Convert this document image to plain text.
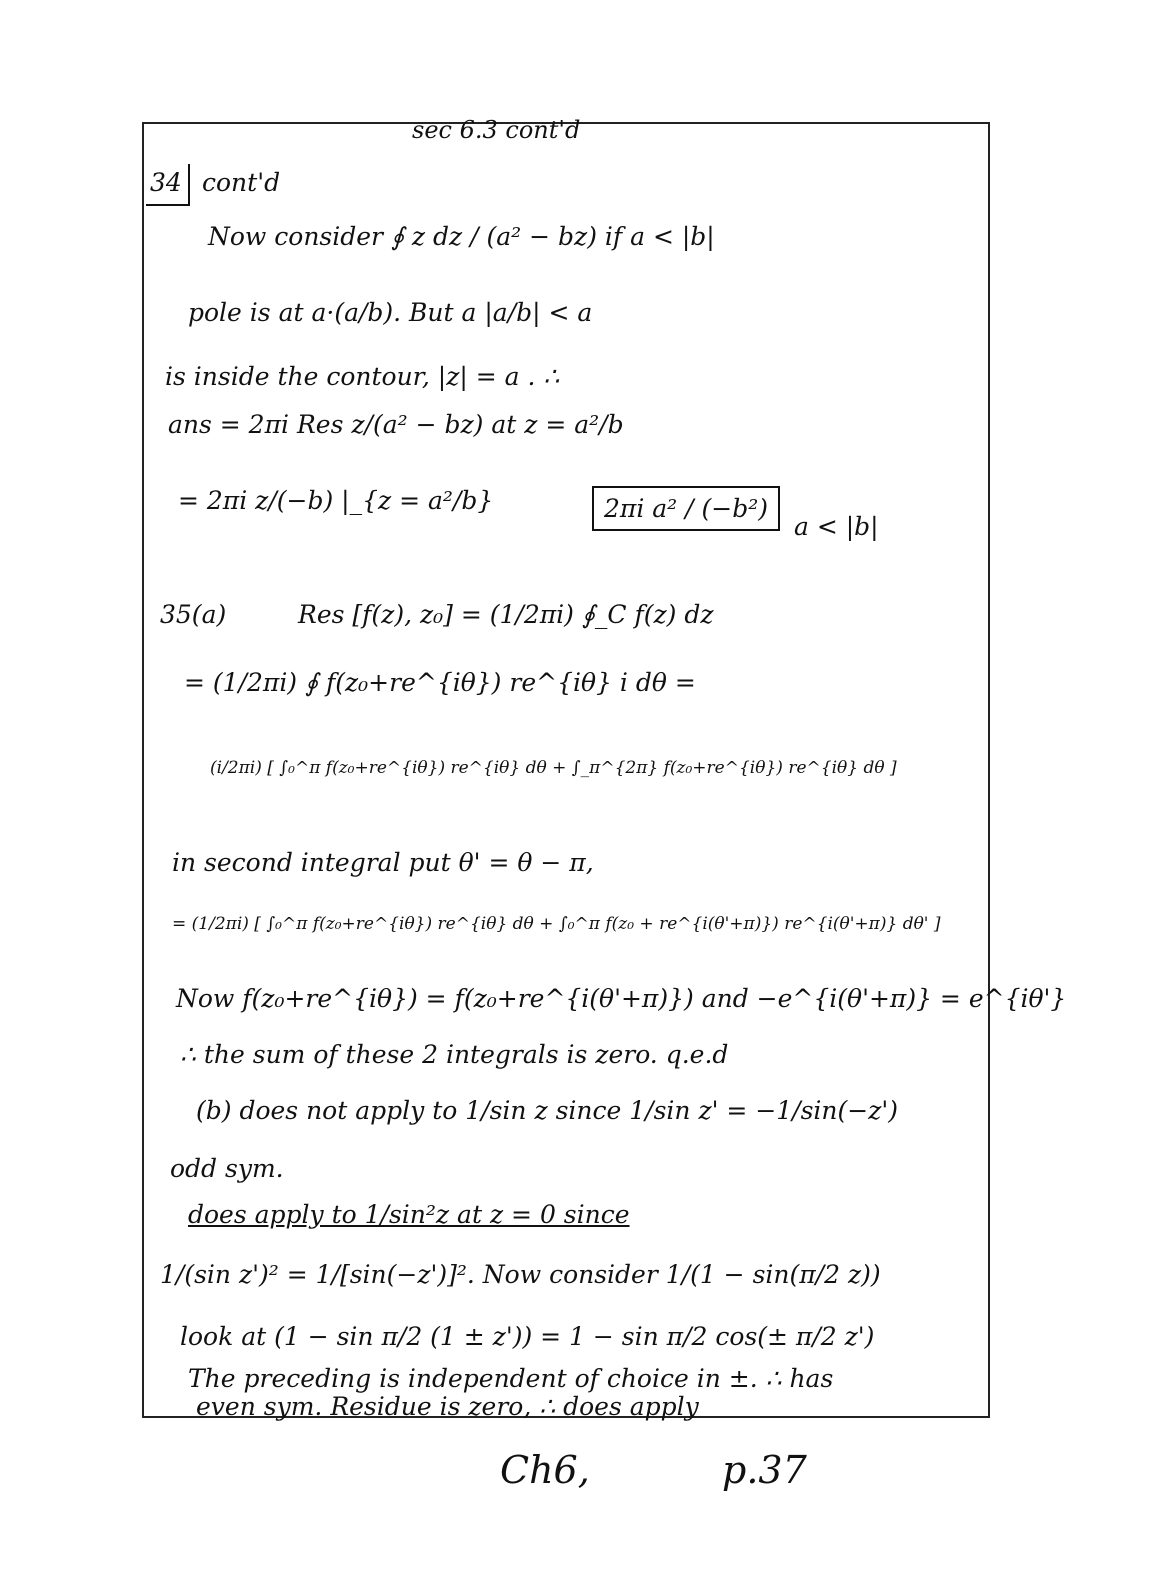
sec 6.3 cont'd
34 cont'd
Now consider ∮ z dz / (a² − bz) if a < |b|
pole is at a·(a/b). But a |a/b| < a
is inside the contour, |z| = a . ∴
ans = 2πi Res z/(a² − bz) at z = a²/b
= 2πi z/(−b) |_{z = a²/b}	2πi a² / (−b²)
a < |b|
35(a)	Res [f(z), z₀] = (1/2πi) ∮_C f(z) dz
= (1/2πi) ∮ f(z₀+re^{iθ}) re^{iθ} i dθ =
(i/2πi) [ ∫₀^π f(z₀+re^{iθ}) re^{iθ} dθ + ∫_π^{2π} f(z₀+re^{iθ}) re^{iθ} dθ ]
in second integral put θ' = θ − π,
= (1/2πi) [ ∫₀^π f(z₀+re^{iθ}) re^{iθ} dθ + ∫₀^π f(z₀ + re^{i(θ'+π)}) re^{i(θ'+π)} dθ' ]
Now f(z₀+re^{iθ}) = f(z₀+re^{i(θ'+π)}) and −e^{i(θ'+π)} = e^{iθ'}
∴ the sum of these 2 integrals is zero. q.e.d
(b) does not apply to 1/sin z since 1/sin z' = −1/sin(−z')
odd sym.
does apply to 1/sin²z at z = 0 since
1/(sin z')² = 1/[sin(−z')]². Now consider 1/(1 − sin(π/2 z))
look at (1 − sin π/2 (1 ± z')) = 1 − sin π/2 cos(± π/2 z')
The preceding is independent of choice in ±. ∴ has
even sym. Residue is zero, ∴ does apply
Ch6,	p.37
